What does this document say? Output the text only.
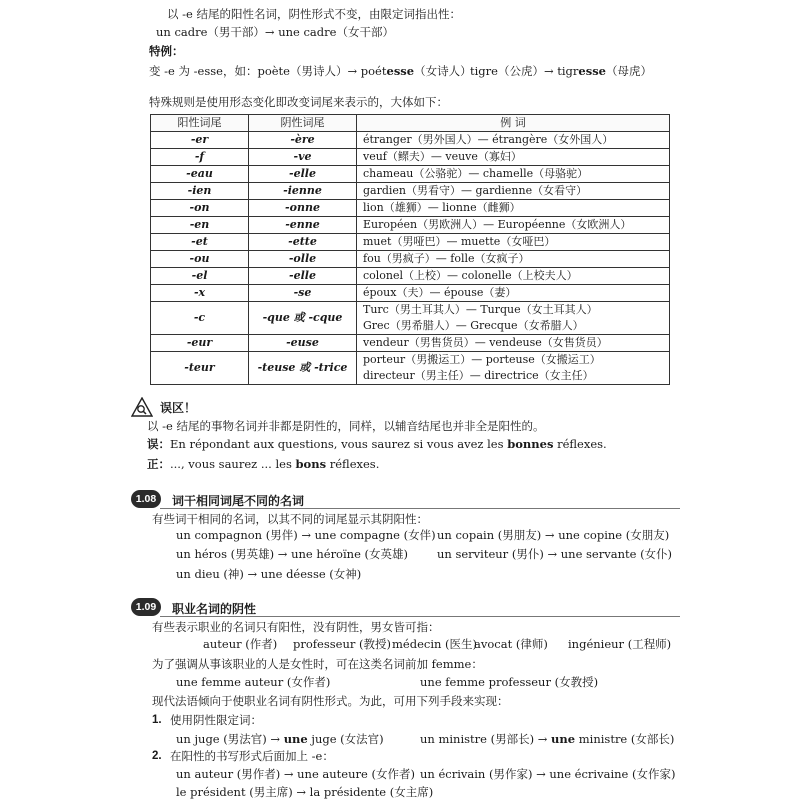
以 -e 结尾的阳性名词，阴性形式不变，由限定词指出性：
un cadre（男干部）→ une cadre（女干部）
特例：
变 -e 为 -esse，如：poète（男诗人）→ poétesse（女诗人）
tigre（公虎）→ tigresse（母虎）
特殊规则是使用形态变化即改变词尾来表示的，大体如下：
阳性词尾	阴性词尾	例 词
-er	-ère	étranger（男外国人）— étrangère（女外国人）

-f	-ve	veuf（鳏夫）— veuve（寡妇）

-eau	-elle	chameau（公骆驼）— chamelle（母骆驼）

-ien	-ienne	gardien（男看守）— gardienne（女看守）

-on	-onne	lion（雄狮）— lionne（雌狮）

-en	-enne	Européen（男欧洲人）— Européenne（女欧洲人）

-et	-ette	muet（男哑巴）— muette（女哑巴）

-ou	-olle	fou（男疯子）— folle（女疯子）

-el	-elle	colonel（上校）— colonelle（上校夫人）

-x	-se	époux（夫）— épouse（妻）

-c	-que 或 -cque	Turc（男土耳其人）— Turque（女土耳其人）
Grec（男希腊人）— Grecque（女希腊人）

-eur	-euse	vendeur（男售货员）— vendeuse（女售货员）

-teur	-teuse 或 -trice	porteur（男搬运工）— porteuse（女搬运工）
directeur（男主任）— directrice（女主任）
误区！
以 -e 结尾的事物名词并非都是阴性的，同样，以辅音结尾也并非全是阳性的。
误：En répondant aux questions, vous saurez si vous avez les bonnes réflexes.
正：..., vous saurez ... les bons réflexes.
1.08	词干相同词尾不同的名词
有些词干相同的名词，以其不同的词尾显示其阴阳性：
un compagnon (男伴) → une compagne (女伴) un copain (男朋友) → une copine (女朋友)
un héros (男英雄) → une héroïne (女英雄)	un serviteur (男仆) → une servante (女仆)
un dieu (神) → une déesse (女神)
1.09	职业名词的阴性
有些表示职业的名词只有阳性，没有阴性，男女皆可指：
auteur (作者) professeur (教授) médecin (医生)
avocat (律师) ingénieur (工程师)
为了强调从事该职业的人是女性时，可在这类名词前加 femme：
une femme auteur (女作者)	une femme professeur (女教授)
现代法语倾向于使职业名词有阴性形式。为此，可用下列手段来实现：
1. 使用阴性限定词：
un juge (男法官) → une juge (女法官)	un ministre (男部长) → une ministre (女部长)
2. 在阳性的书写形式后面加上 -e：
un auteur (男作者) → une auteure (女作者) un écrivain (男作家) → une écrivaine (女作家)
le président (男主席) → la présidente (女主席)
